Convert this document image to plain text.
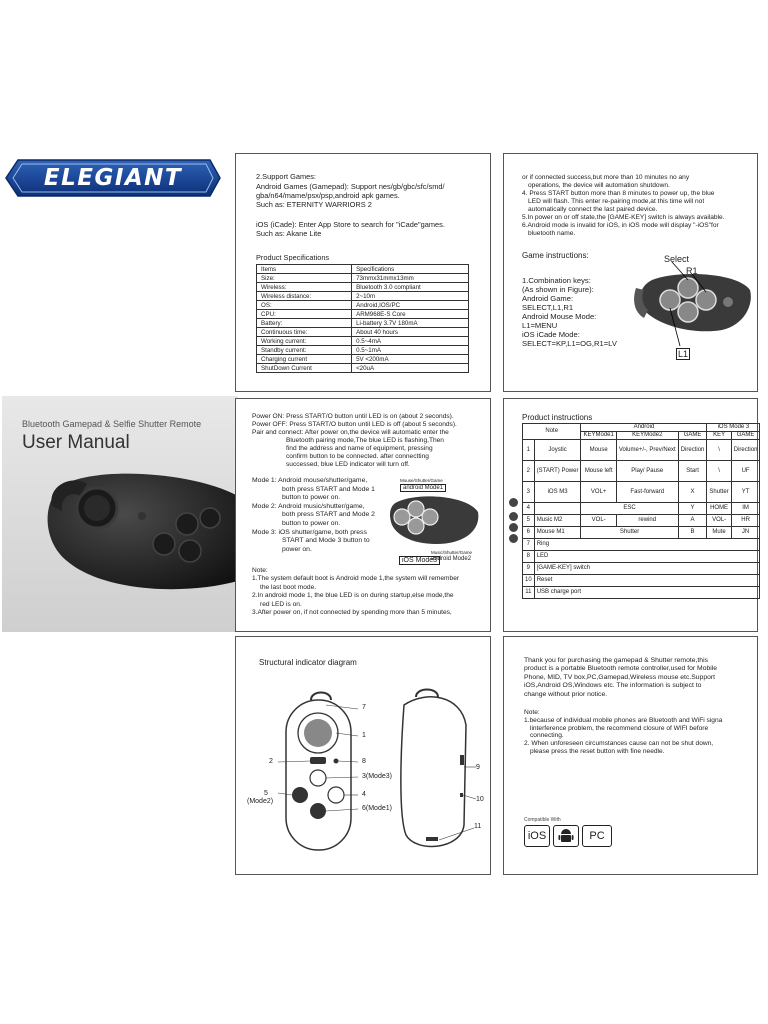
ELEGIANT
Bluetooth Gamepad & Selfie Shutter Remote
User Manual
2.Support Games:
Android Games (Gamepad): Support nes/gb/gbc/sfc/smd/
gba/n64/mame/psx/psp,android apk games.
Such as: ETERNITY WARRIORS 2
iOS (iCade): Enter App Store to search for "iCade"games.
Such as: Akane Lite
Product Specifications
Items	Specifications
Size:	73mmx31mmx13mm
Wireless:	Bluetooth 3.0 compliant
Wireless distance:	2~10m
OS:	Android,IOS/PC
CPU:	ARM968E-S Core
Battery:	Li-battery 3.7V 180mA
Continuous time:	About 40 hours
Working current:	0.5~4mA
Standby current:	0.5~1mA
Charging current	5V <200mA
ShutDown Current	<20uA
or if connected success,but more than 10 minutes no any
operations, the device will automation shutdown.
4. Press START button more than 8 minutes to power up, the blue
LED will flash. This enter re-pairing mode,at this time will not
automatically connect the last paired device.
5.In power on or off state,the [GAME-KEY] switch is always available.
6.Android mode is invalid for iOS, in iOS mode will display "-iOS"for
bluetooth name.
Game instructions:
1.Combination keys:
(As shown in Figure):
Android Game:
SELECT,L1,R1
Android Mouse Mode:
L1=MENU
iOS iCade Mode:
SELECT=KP,L1=OG,R1=LV
Select
R1
L1
Power ON: Press START/O button until LED is on (about 2 seconds).
Power OFF: Press START/O button until LED is off (about 5 seconds).
Pair and connect: After power on,the device will automatic enter the
Bluetooth pairing mode,The blue LED is flashing,Then
find the address and name of equipment, pressing
confirm button to be connected. after connectting
successed, blue LED indicator will turn off.
Mode 1: Android mouse/shutter/game,
both press START and Mode 1
button to power on.
Mode 2: Android music/shutter/game,
both press START and Mode 2
button to power on.
Mode 3: iOS shutter/game, both press
START and Mode 3 button to
power on.
Mouse/Shutter/Game
android Mode1
iOS Mode3
Music/Shutter/Game
android Mode2
Note:
1.The system default boot is Android mode 1,the system will remember
the last boot mode.
2.In android mode 1, the blue LED is on during startup,else mode,the
red LED is on.
3.After power on, if not connected by spending more than 5 minutes,
Product instructions
Note		Android			iOS Mode 3	
		KEYMode1	KEYMode2	GAME	KEY	GAME
1	Joystic	Mouse	Volume+/-, Prev/Next	Direction	\	Direction
2	(START) Power	Mouse left	Play/ Pause	Start	\	UF
3	iOS M3	VOL+	Fast-forward	X	Shutter	YT
4		ESC		Y	HOME	IM
5	Music M2	VOL-	rewind	A	VOL-	HR
6	Mouse M1	Shutter		B	Mute	JN
7	Ring					
8	LED					
9	[GAME-KEY] switch					
10	Reset					
11	USB charge port					
Structural indicator diagram
7
1
2	8
3(Mode3)
5
(Mode2)
4
6(Mode1)
9
10
11
Thank you for purchasing the gamepad & Shutter remote,this
product is a portable Bluetooth remote controller,used for Mobile
Phone, MID, TV box,PC,Gamepad,Wireless mouse etc.Support
iOS,Android OS,Windows etc. The information is subject to
change without prior notice.
Note:
1.because of individual mobile phones are Bluetooth and WiFi signa
linterference problem, the recommend closure of WIFI before
connecting.
2. When unforeseen circumstances cause can not be shut down,
please press the reset button with fine needle.
Compatible With
iOS	PC
